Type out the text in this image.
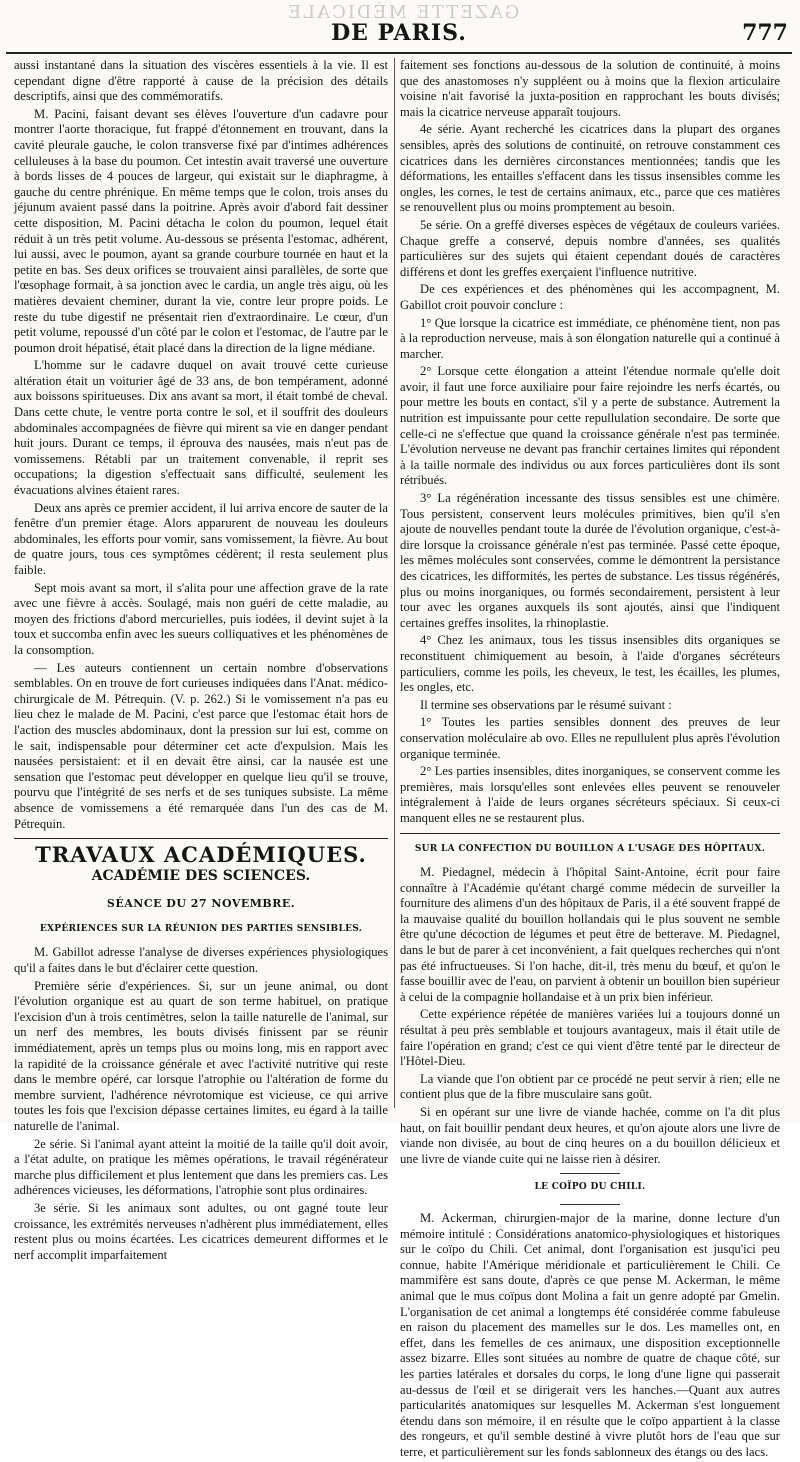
GAZETTE MÉDICALE
DE PARIS.	777

aussi instantané dans la situation des viscères essentiels à la vie. Il est cependant digne d'être rapporté à cause de la précision des détails descriptifs, ainsi que des commémoratifs.

M. Pacini, faisant devant ses élèves l'ouverture d'un cadavre pour montrer l'aorte thoracique, fut frappé d'étonnement en trouvant, dans la cavité pleurale gauche, le colon transverse fixé par d'intimes adhérences celluleuses à la base du poumon. Cet intestin avait traversé une ouverture à bords lisses de 4 pouces de largeur, qui existait sur le diaphragme, à gauche du centre phrénique. En même temps que le colon, trois anses du jéjunum avaient passé dans la poitrine. Après avoir d'abord fait dessiner cette disposition, M. Pacini détacha le colon du poumon, lequel était réduit à un très petit volume. Au-dessous se présenta l'estomac, adhérent, lui aussi, avec le poumon, ayant sa grande courbure tournée en haut et la petite en bas. Ses deux orifices se trouvaient ainsi parallèles, de sorte que l'œsophage formait, à sa jonction avec le cardia, un angle très aigu, où les matières devaient cheminer, durant la vie, contre leur propre poids. Le reste du tube digestif ne présentait rien d'extraordinaire. Le cœur, d'un petit volume, repoussé d'un côté par le colon et l'estomac, de l'autre par le poumon droit hépatisé, était placé dans la direction de la ligne médiane.

L'homme sur le cadavre duquel on avait trouvé cette curieuse altération était un voiturier âgé de 33 ans, de bon tempérament, adonné aux boissons spiritueuses. Dix ans avant sa mort, il était tombé de cheval. Dans cette chute, le ventre porta contre le sol, et il souffrit des douleurs abdominales accompagnées de fièvre qui mirent sa vie en danger pendant huit jours. Durant ce temps, il éprouva des nausées, mais n'eut pas de vomissemens. Rétabli par un traitement convenable, il reprit ses occupations; la digestion s'effectuait sans difficulté, seulement les évacuations alvines étaient rares.

Deux ans après ce premier accident, il lui arriva encore de sauter de la fenêtre d'un premier étage. Alors apparurent de nouveau les douleurs abdominales, les efforts pour vomir, sans vomissement, la fièvre. Au bout de quatre jours, tous ces symptômes cédèrent; il resta seulement plus faible.

Sept mois avant sa mort, il s'alita pour une affection grave de la rate avec une fièvre à accès. Soulagé, mais non guéri de cette maladie, au moyen des frictions d'abord mercurielles, puis iodées, il devint sujet à la toux et succomba enfin avec les sueurs colliquatives et les phénomènes de la consomption.

— Les auteurs contiennent un certain nombre d'observations semblables. On en trouve de fort curieuses indiquées dans l'Anat. médico-chirurgicale de M. Pétrequin. (V. p. 262.) Si le vomissement n'a pas eu lieu chez le malade de M. Pacini, c'est parce que l'estomac était hors de l'action des muscles abdominaux, dont la pression sur lui est, comme on le sait, indispensable pour déterminer cet acte d'expulsion. Mais les nausées persistaient: et il en devait être ainsi, car la nausée est une sensation que l'estomac peut développer en quelque lieu qu'il se trouve, pourvu que l'intégrité de ses nerfs et de ses tuniques subsiste. La même absence de vomissemens a été remarquée dans l'un des cas de M. Pétrequin.

TRAVAUX ACADÉMIQUES.
ACADÉMIE DES SCIENCES.
SÉANCE DU 27 NOVEMBRE.
EXPÉRIENCES SUR LA RÉUNION DES PARTIES SENSIBLES.

M. Gabillot adresse l'analyse de diverses expériences physiologiques qu'il a faites dans le but d'éclairer cette question.

Première série d'expériences. Si, sur un jeune animal, ou dont l'évolution organique est au quart de son terme habituel, on pratique l'excision d'un à trois centimètres, selon la taille naturelle de l'animal, sur un nerf des membres, les bouts divisés finissent par se réunir immédiatement, après un temps plus ou moins long, mis en rapport avec la rapidité de la croissance générale et avec l'activité nutritive qui reste dans le membre opéré, car lorsque l'atrophie ou l'altération de forme du membre survient, l'adhérence névrotomique est vicieuse, ce qui arrive toutes les fois que l'excision dépasse certaines limites, eu égard à la taille naturelle de l'animal.

2e série. Si l'animal ayant atteint la moitié de la taille qu'il doit avoir, a l'état adulte, on pratique les mêmes opérations, le travail régénérateur marche plus difficilement et plus lentement que dans les premiers cas. Les adhérences vicieuses, les déformations, l'atrophie sont plus ordinaires.

3e série. Si les animaux sont adultes, ou ont gagné toute leur croissance, les extrémités nerveuses n'adhèrent plus immédiatement, elles restent plus ou moins écartées. Les cicatrices demeurent difformes et le nerf accomplit imparfaitement

faitement ses fonctions au-dessous de la solution de continuité, à moins que des anastomoses n'y suppléent ou à moins que la flexion articulaire voisine n'ait favorisé la juxta-position en rapprochant les bouts divisés; mais la cicatrice nerveuse apparaît toujours.

4e série. Ayant recherché les cicatrices dans la plupart des organes sensibles, après des solutions de continuité, on retrouve constamment ces cicatrices dans les dernières circonstances mentionnées; tandis que les déformations, les entailles s'effacent dans les tissus insensibles comme les ongles, les cornes, le test de certains animaux, etc., parce que ces matières se renouvellent plus ou moins promptement au besoin.

5e série. On a greffé diverses espèces de végétaux de couleurs variées. Chaque greffe a conservé, depuis nombre d'années, ses qualités particulières sur des sujets qui étaient cependant doués de caractères différens et dont les greffes exerçaient l'influence nutritive.

De ces expériences et des phénomènes qui les accompagnent, M. Gabillot croit pouvoir conclure :

1° Que lorsque la cicatrice est immédiate, ce phénomène tient, non pas à la reproduction nerveuse, mais à son élongation naturelle qui a continué à marcher.

2° Lorsque cette élongation a atteint l'étendue normale qu'elle doit avoir, il faut une force auxiliaire pour faire rejoindre les nerfs écartés, ou pour mettre les bouts en contact, s'il y a perte de substance. Autrement la nutrition est impuissante pour cette repullulation secondaire. De sorte que celle-ci ne s'effectue que quand la croissance générale n'est pas terminée. L'évolution nerveuse ne devant pas franchir certaines limites qui répondent à la taille normale des individus ou aux forces particulières dont ils sont rétribués.

3° La régénération incessante des tissus sensibles est une chimère. Tous persistent, conservent leurs molécules primitives, bien qu'il s'en ajoute de nouvelles pendant toute la durée de l'évolution organique, c'est-à-dire lorsque la croissance générale n'est pas terminée. Passé cette époque, les mêmes molécules sont conservées, comme le démontrent la persistance des cicatrices, les difformités, les pertes de substance. Les tissus régénérés, plus ou moins inorganiques, ou formés secondairement, persistent à leur tour avec les organes auxquels ils sont ajoutés, ainsi que l'indiquent certaines greffes insolites, la rhinoplastie.

4° Chez les animaux, tous les tissus insensibles dits organiques se reconstituent chimiquement au besoin, à l'aide d'organes sécréteurs particuliers, comme les poils, les cheveux, le test, les écailles, les plumes, les ongles, etc.

Il termine ses observations par le résumé suivant :

1° Toutes les parties sensibles donnent des preuves de leur conservation moléculaire ab ovo. Elles ne repullulent plus après l'évolution organique terminée.

2° Les parties insensibles, dites inorganiques, se conservent comme les premières, mais lorsqu'elles sont enlevées elles peuvent se renouveler intégralement à l'aide de leurs organes sécréteurs spéciaux. Si ceux-ci manquent elles ne se restaurent plus.

SUR LA CONFECTION DU BOUILLON A L'USAGE DES HÔPITAUX.

M. Piedagnel, médecin à l'hôpital Saint-Antoine, écrit pour faire connaître à l'Académie qu'étant chargé comme médecin de surveiller la fourniture des alimens d'un des hôpitaux de Paris, il a été souvent frappé de la mauvaise qualité du bouillon hollandais qui le plus souvent ne semble être qu'une décoction de légumes et peut être de betterave. M. Piedagnel, dans le but de parer à cet inconvénient, a fait quelques recherches qui n'ont pas été infructueuses. Si l'on hache, dit-il, très menu du bœuf, et qu'on le fasse bouillir avec de l'eau, on parvient à obtenir un bouillon bien supérieur à celui de la compagnie hollandaise et à un prix bien inférieur.

Cette expérience répétée de manières variées lui a toujours donné un résultat à peu près semblable et toujours avantageux, mais il était utile de faire l'opération en grand; c'est ce qui vient d'être tenté par le directeur de l'Hôtel-Dieu.

La viande que l'on obtient par ce procédé ne peut servir à rien; elle ne contient plus que de la fibre musculaire sans goût.

Si en opérant sur une livre de viande hachée, comme on l'a dit plus haut, on fait bouillir pendant deux heures, et qu'on ajoute alors une livre de viande non divisée, au bout de cinq heures on a du bouillon délicieux et une livre de viande cuite qui ne laisse rien à désirer.

LE COÏPO DU CHILI.

M. Ackerman, chirurgien-major de la marine, donne lecture d'un mémoire intitulé : Considérations anatomico-physiologiques et historiques sur le coïpo du Chili. Cet animal, dont l'organisation est jusqu'ici peu connue, habite l'Amérique méridionale et particulièrement le Chili. Ce mammifère est sans doute, d'après ce que pense M. Ackerman, le même animal que le mus coïpus dont Molina a fait un genre adopté par Gmelin. L'organisation de cet animal a longtemps été considérée comme fabuleuse en raison du placement des mamelles sur le dos. Les mamelles ont, en effet, dans les femelles de ces animaux, une disposition exceptionnelle assez bizarre. Elles sont situées au nombre de quatre de chaque côté, sur les parties latérales et dorsales du corps, le long d'une ligne qui passerait au-dessus de l'œil et se dirigerait vers les hanches.—Quant aux autres particularités anatomiques sur lesquelles M. Ackerman s'est longuement étendu dans son mémoire, il en résulte que le coïpo appartient à la classe des rongeurs, et qu'il semble destiné à vivre plutôt hors de l'eau que sur terre, et particulièrement sur les fonds sablonneux des étangs ou des lacs.
